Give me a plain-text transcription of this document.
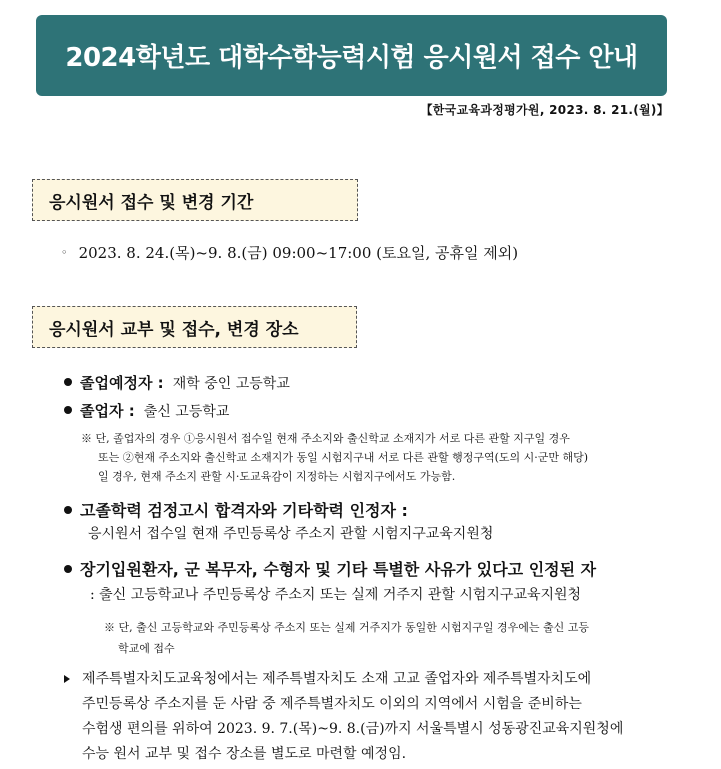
2024학년도 대학수학능력시험 응시원서 접수 안내
【한국교육과정평가원, 2023. 8. 21.(월)】
응시원서 접수 및 변경 기간
◦ 2023. 8. 24.(목)~9. 8.(금) 09:00~17:00 (토요일, 공휴일 제외)
응시원서 교부 및 접수, 변경 장소
졸업예정자 : 재학 중인 고등학교
졸업자 : 출신 고등학교
※ 단, 졸업자의 경우 ①응시원서 접수일 현재 주소지와 출신학교 소재지가 서로 다른 관할 지구일 경우
또는 ②현재 주소지와 출신학교 소재지가 동일 시험지구내 서로 다른 관할 행정구역(도의 시·군만 해당)
일 경우, 현재 주소지 관할 시·도교육감이 지정하는 시험지구에서도 가능함.
고졸학력 검정고시 합격자와 기타학력 인정자 :
응시원서 접수일 현재 주민등록상 주소지 관할 시험지구교육지원청
장기입원환자, 군 복무자, 수형자 및 기타 특별한 사유가 있다고 인정된 자
: 출신 고등학교나 주민등록상 주소지 또는 실제 거주지 관할 시험지구교육지원청
※ 단, 출신 고등학교와 주민등록상 주소지 또는 실제 거주지가 동일한 시험지구일 경우에는 출신 고등
학교에 접수
제주특별자치도교육청에서는 제주특별자치도 소재 고교 졸업자와 제주특별자치도에
주민등록상 주소지를 둔 사람 중 제주특별자치도 이외의 지역에서 시험을 준비하는
수험생 편의를 위하여 2023. 9. 7.(목)~9. 8.(금)까지 서울특별시 성동광진교육지원청에
수능 원서 교부 및 접수 장소를 별도로 마련할 예정임.
